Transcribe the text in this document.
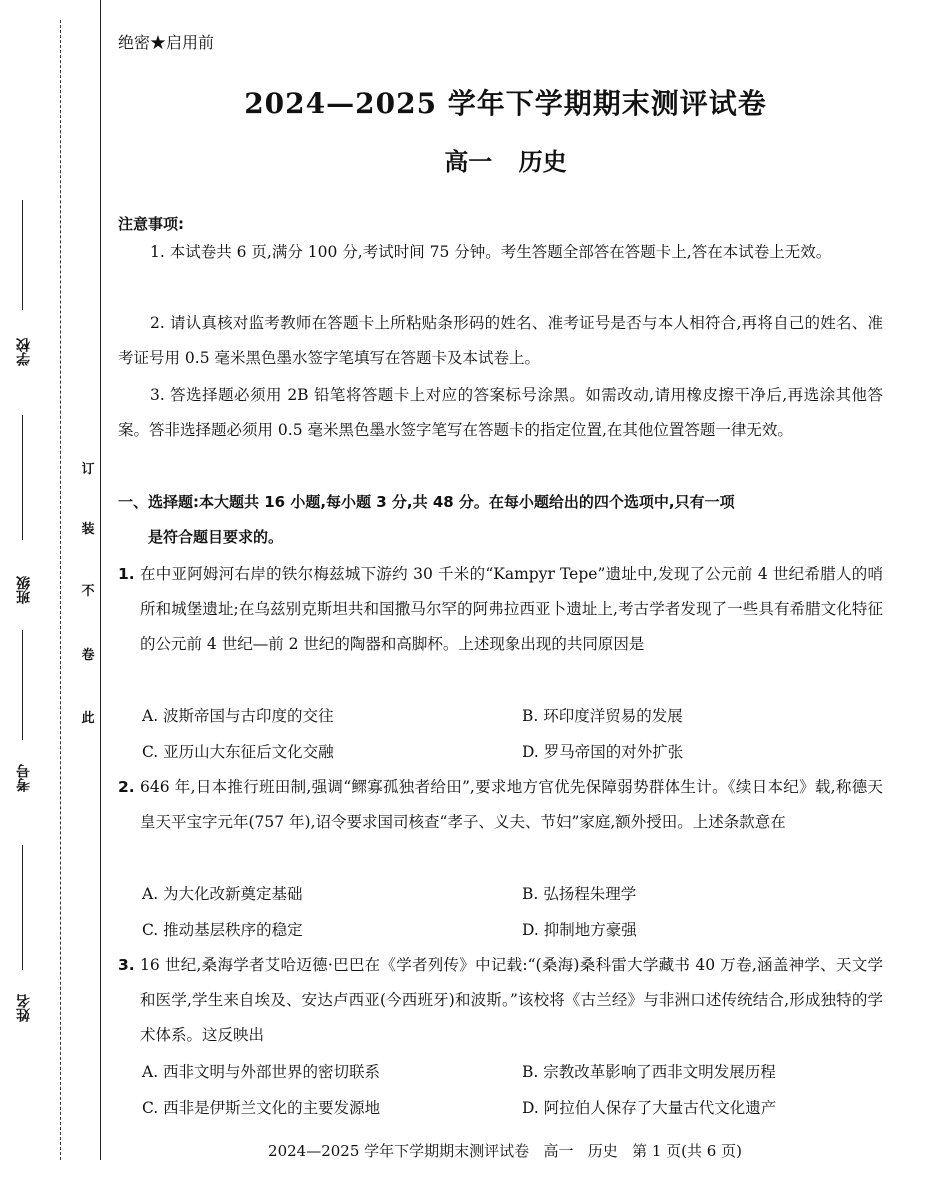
学校
班级
考号
姓名
订
装
不
卷
此
绝密★启用前
2024—2025 学年下学期期末测评试卷
高一 历史
注意事项:
1. 本试卷共 6 页,满分 100 分,考试时间 75 分钟。考生答题全部答在答题卡上,答在本试卷上无效。
2. 请认真核对监考教师在答题卡上所粘贴条形码的姓名、准考证号是否与本人相符合,再将自己的姓名、准考证号用 0.5 毫米黑色墨水签字笔填写在答题卡及本试卷上。
3. 答选择题必须用 2B 铅笔将答题卡上对应的答案标号涂黑。如需改动,请用橡皮擦干净后,再选涂其他答案。答非选择题必须用 0.5 毫米黑色墨水签字笔写在答题卡的指定位置,在其他位置答题一律无效。
一、选择题:本大题共 16 小题,每小题 3 分,共 48 分。在每小题给出的四个选项中,只有一项
是符合题目要求的。
1. 在中亚阿姆河右岸的铁尔梅兹城下游约 30 千米的“Kampyr Tepe”遗址中,发现了公元前 4 世纪希腊人的哨所和城堡遗址;在乌兹别克斯坦共和国撒马尔罕的阿弗拉西亚卜遗址上,考古学者发现了一些具有希腊文化特征的公元前 4 世纪—前 2 世纪的陶器和高脚杯。上述现象出现的共同原因是
A. 波斯帝国与古印度的交往	B. 环印度洋贸易的发展
C. 亚历山大东征后文化交融	D. 罗马帝国的对外扩张
2. 646 年,日本推行班田制,强调“鳏寡孤独者给田”,要求地方官优先保障弱势群体生计。《续日本纪》载,称德天皇天平宝字元年(757 年),诏令要求国司核查“孝子、义夫、节妇”家庭,额外授田。上述条款意在
A. 为大化改新奠定基础	B. 弘扬程朱理学
C. 推动基层秩序的稳定	D. 抑制地方豪强
3. 16 世纪,桑海学者艾哈迈德·巴巴在《学者列传》中记载:“(桑海)桑科雷大学藏书 40 万卷,涵盖神学、天文学和医学,学生来自埃及、安达卢西亚(今西班牙)和波斯。”该校将《古兰经》与非洲口述传统结合,形成独特的学术体系。这反映出
A. 西非文明与外部世界的密切联系	B. 宗教改革影响了西非文明发展历程
C. 西非是伊斯兰文化的主要发源地	D. 阿拉伯人保存了大量古代文化遗产
2024—2025 学年下学期期末测评试卷   高一   历史   第 1 页(共 6 页)
